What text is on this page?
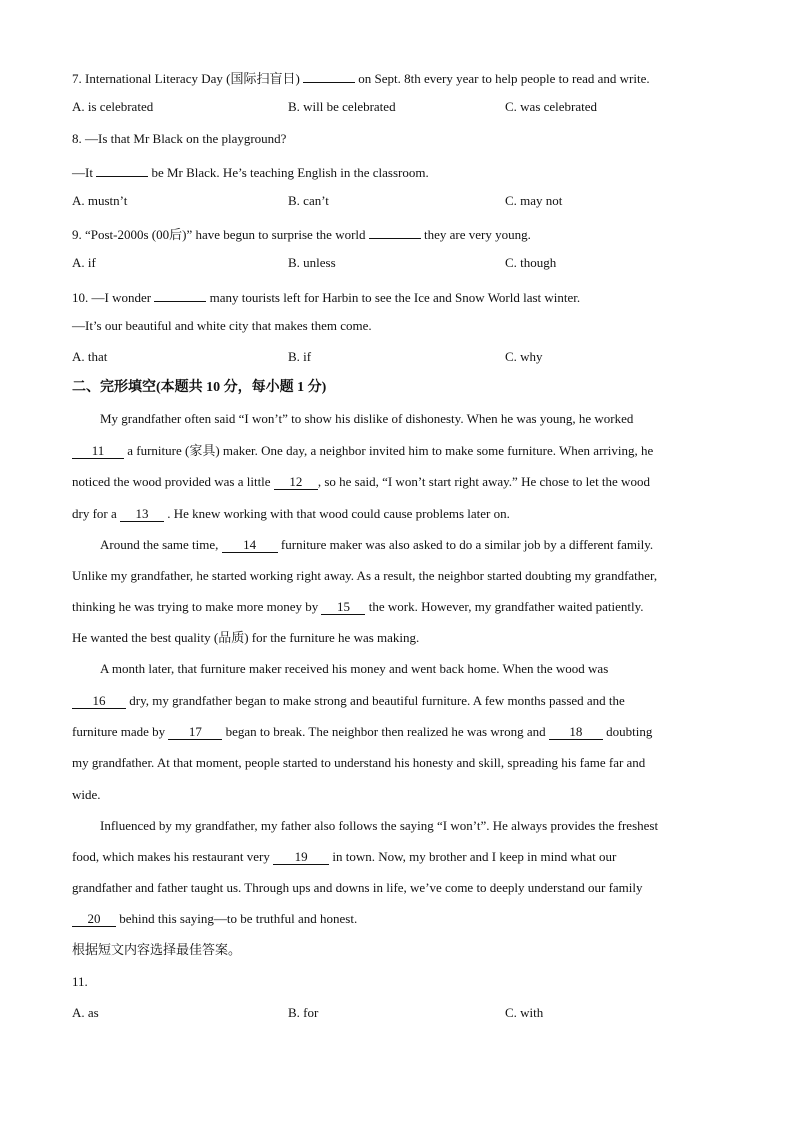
7. International Literacy Day (国际扫盲日)	on Sept. 8th every year to help people to read and write.
A. is celebrated	B. will be celebrated	C. was celebrated
8. —Is that Mr Black on the playground?
—It	be Mr Black. He’s teaching English in the classroom.
A. mustn’t	B. can’t	C. may not
9. “Post-2000s (00后)” have begun to surprise the world	they are very young.
A. if	B. unless	C. though
10. —I wonder	many tourists left for Harbin to see the Ice and Snow World last winter.
—It’s our beautiful and white city that makes them come.
A. that	B. if	C. why
二、完形填空(本题共 10 分，每小题 1 分)
My grandfather often said “I won’t” to show his dislike of dishonesty. When he was young, he worked
11 a furniture (家具) maker. One day, a neighbor invited him to make some furniture. When arriving, he
noticed the wood provided was a little 12 , so he said, “I won’t start right away.” He chose to let the wood
dry for a 13 . He knew working with that wood could cause problems later on.
Around the same time, 14 furniture maker was also asked to do a similar job by a different family.
Unlike my grandfather, he started working right away. As a result, the neighbor started doubting my grandfather,
thinking he was trying to make more money by 15 the work. However, my grandfather waited patiently.
He wanted the best quality (品质) for the furniture he was making.
A month later, that furniture maker received his money and went back home. When the wood was
16 dry, my grandfather began to make strong and beautiful furniture. A few months passed and the
furniture made by 17 began to break. The neighbor then realized he was wrong and 18 doubting
my grandfather. At that moment, people started to understand his honesty and skill, spreading his fame far and
wide.
Influenced by my grandfather, my father also follows the saying “I won’t”. He always provides the freshest
food, which makes his restaurant very 19 in town. Now, my brother and I keep in mind what our
grandfather and father taught us. Through ups and downs in life, we’ve come to deeply understand our family
20 behind this saying—to be truthful and honest.
根据短文内容选择最佳答案。
11.
A. as	B. for	C. with
